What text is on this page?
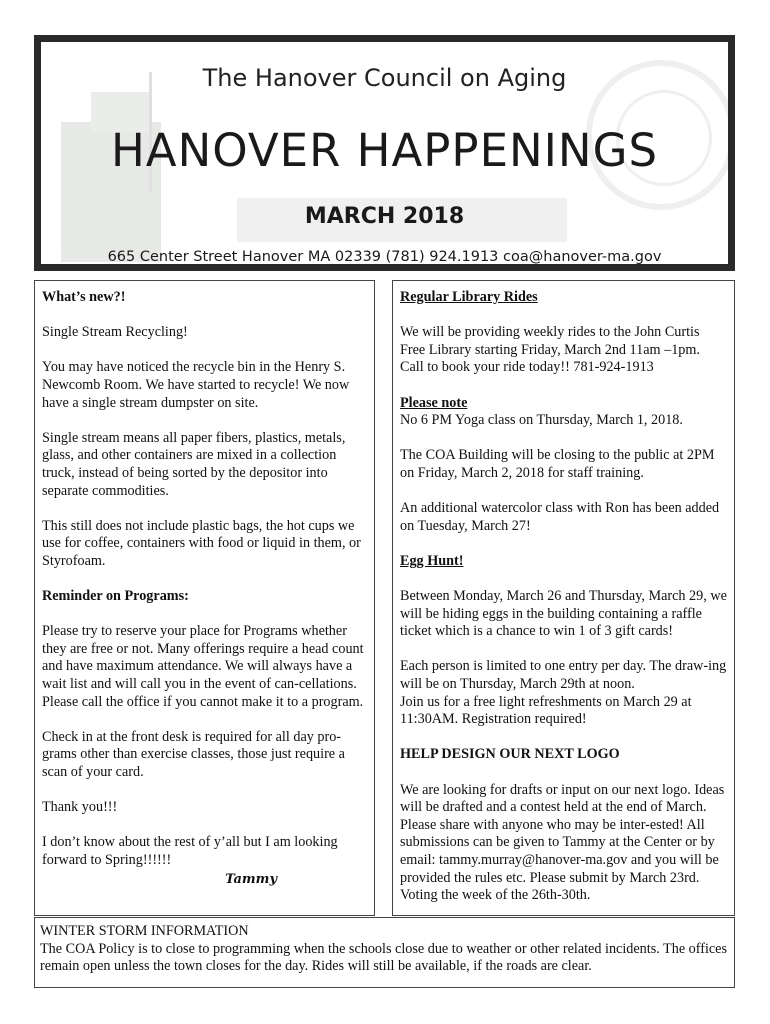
The Hanover Council on Aging
HANOVER HAPPENINGS
MARCH 2018
665 Center Street Hanover MA 02339 (781) 924.1913 coa@hanover-ma.gov

What’s new?!

Single Stream Recycling!

You may have noticed the recycle bin in the Henry S. Newcomb Room. We have started to recycle! We now have a single stream dumpster on site.

Single stream means all paper fibers, plastics, metals, glass, and other containers are mixed in a collection truck, instead of being sorted by the depositor into separate commodities.

This still does not include plastic bags, the hot cups we use for coffee, containers with food or liquid in them, or Styrofoam.

Reminder on Programs:

Please try to reserve your place for Programs whether they are free or not. Many offerings require a head count and have maximum attendance. We will always have a wait list and will call you in the event of can-cellations. Please call the office if you cannot make it to a program.

Check in at the front desk is required for all day pro-grams other than exercise classes, those just require a scan of your card.

Thank you!!!

I don’t know about the rest of y’all but I am looking forward to Spring!!!!!!

Tammy

Regular Library Rides

We will be providing weekly rides to the John Curtis Free Library starting Friday, March 2nd 11am –1pm. Call to book your ride today!! 781-924-1913

Please note

No 6 PM Yoga class on Thursday, March 1, 2018.

The COA Building will be closing to the public at 2PM on Friday, March 2, 2018 for staff training.

An additional watercolor class with Ron has been added on Tuesday, March 27!

Egg Hunt!

Between Monday, March 26 and Thursday, March 29, we will be hiding eggs in the building containing a raffle ticket which is a chance to win 1 of 3 gift cards!

Each person is limited to one entry per day. The draw-ing will be on Thursday, March 29th at noon.

Join us for a free light refreshments on March 29 at 11:30AM. Registration required!

HELP DESIGN OUR NEXT LOGO

We are looking for drafts or input on our next logo. Ideas will be drafted and a contest held at the end of March. Please share with anyone who may be inter-ested! All submissions can be given to Tammy at the Center or by email: tammy.murray@hanover-ma.gov and you will be provided the rules etc. Please submit by March 23rd. Voting the week of the 26th-30th.

WINTER STORM INFORMATION
The COA Policy is to close to programming when the schools close due to weather or other related incidents. The offices remain open unless the town closes for the day. Rides will still be available, if the roads are clear.
